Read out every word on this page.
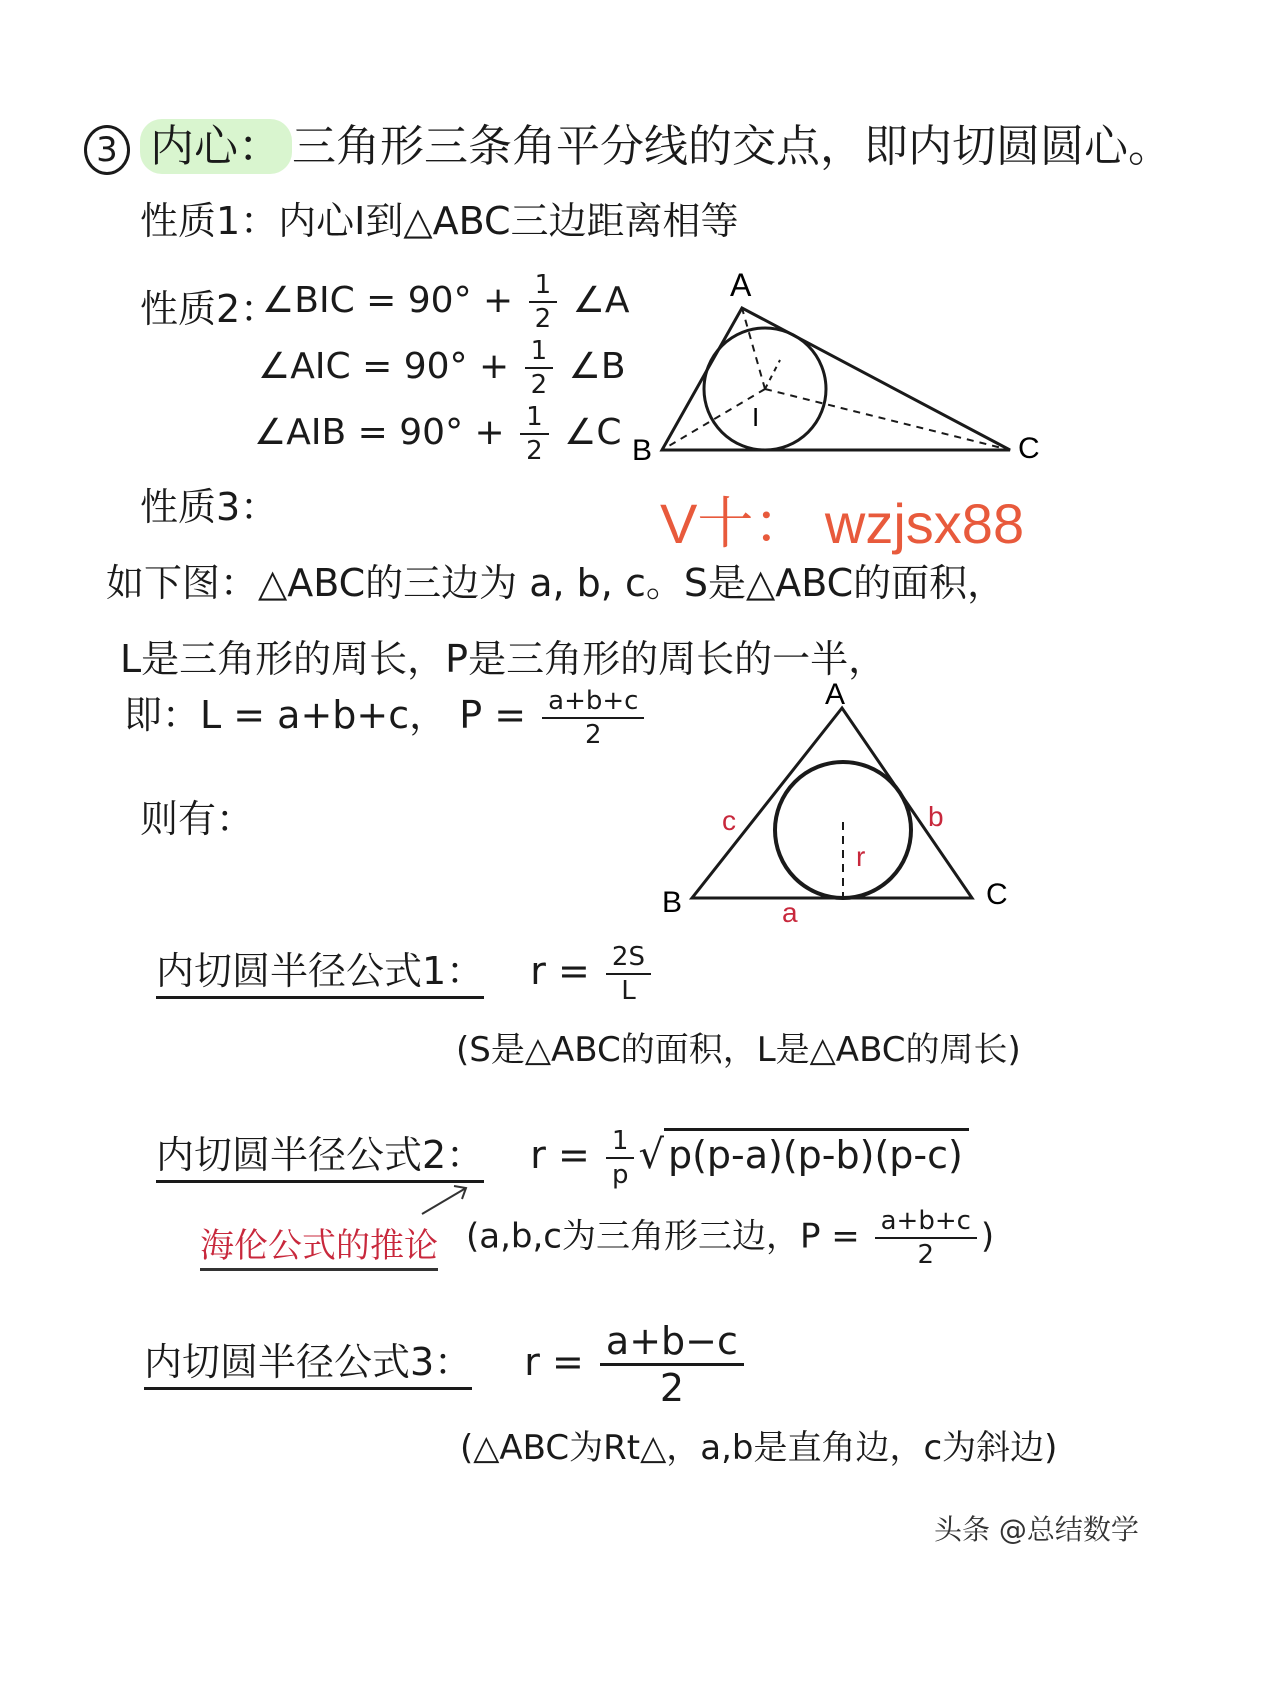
3 内心： 三角形三条角平分线的交点，即内切圆圆心。
性质1：内心I到△ABC三边距离相等
性质2：
∠BIC = $90^\circ + \frac{1}{2}$ ∠A
∠AIC = $90^\circ + \frac{1}{2}$ ∠B
∠AIB = $90^\circ + \frac{1}{2}$ ∠C
A
B	C
I
性质3：	V十： wzjsx88
如下图：△ABC的三边为 a, b, c。S是△ABC的面积，
L是三角形的周长，P是三角形的周长的一半，
即：L = a+b+c， $P = \frac{a+b+c}{2}$
则有：
A
B	C
r
c	b
a
内切圆半径公式1： $r = \frac{2S}{L}$
(S是△ABC的面积，L是△ABC的周长)
内切圆半径公式2： $r = \frac{1}{p}$ √ p(p-a)(p-b)(p-c)
海伦公式的推论 (a,b,c为三角形三边，$P = \frac{a+b+c}{2}$ )
内切圆半径公式3： $r = \frac{a+b-c}{2}$
(△ABC为Rt△，a,b是直角边，c为斜边)
头条 @总结数学
